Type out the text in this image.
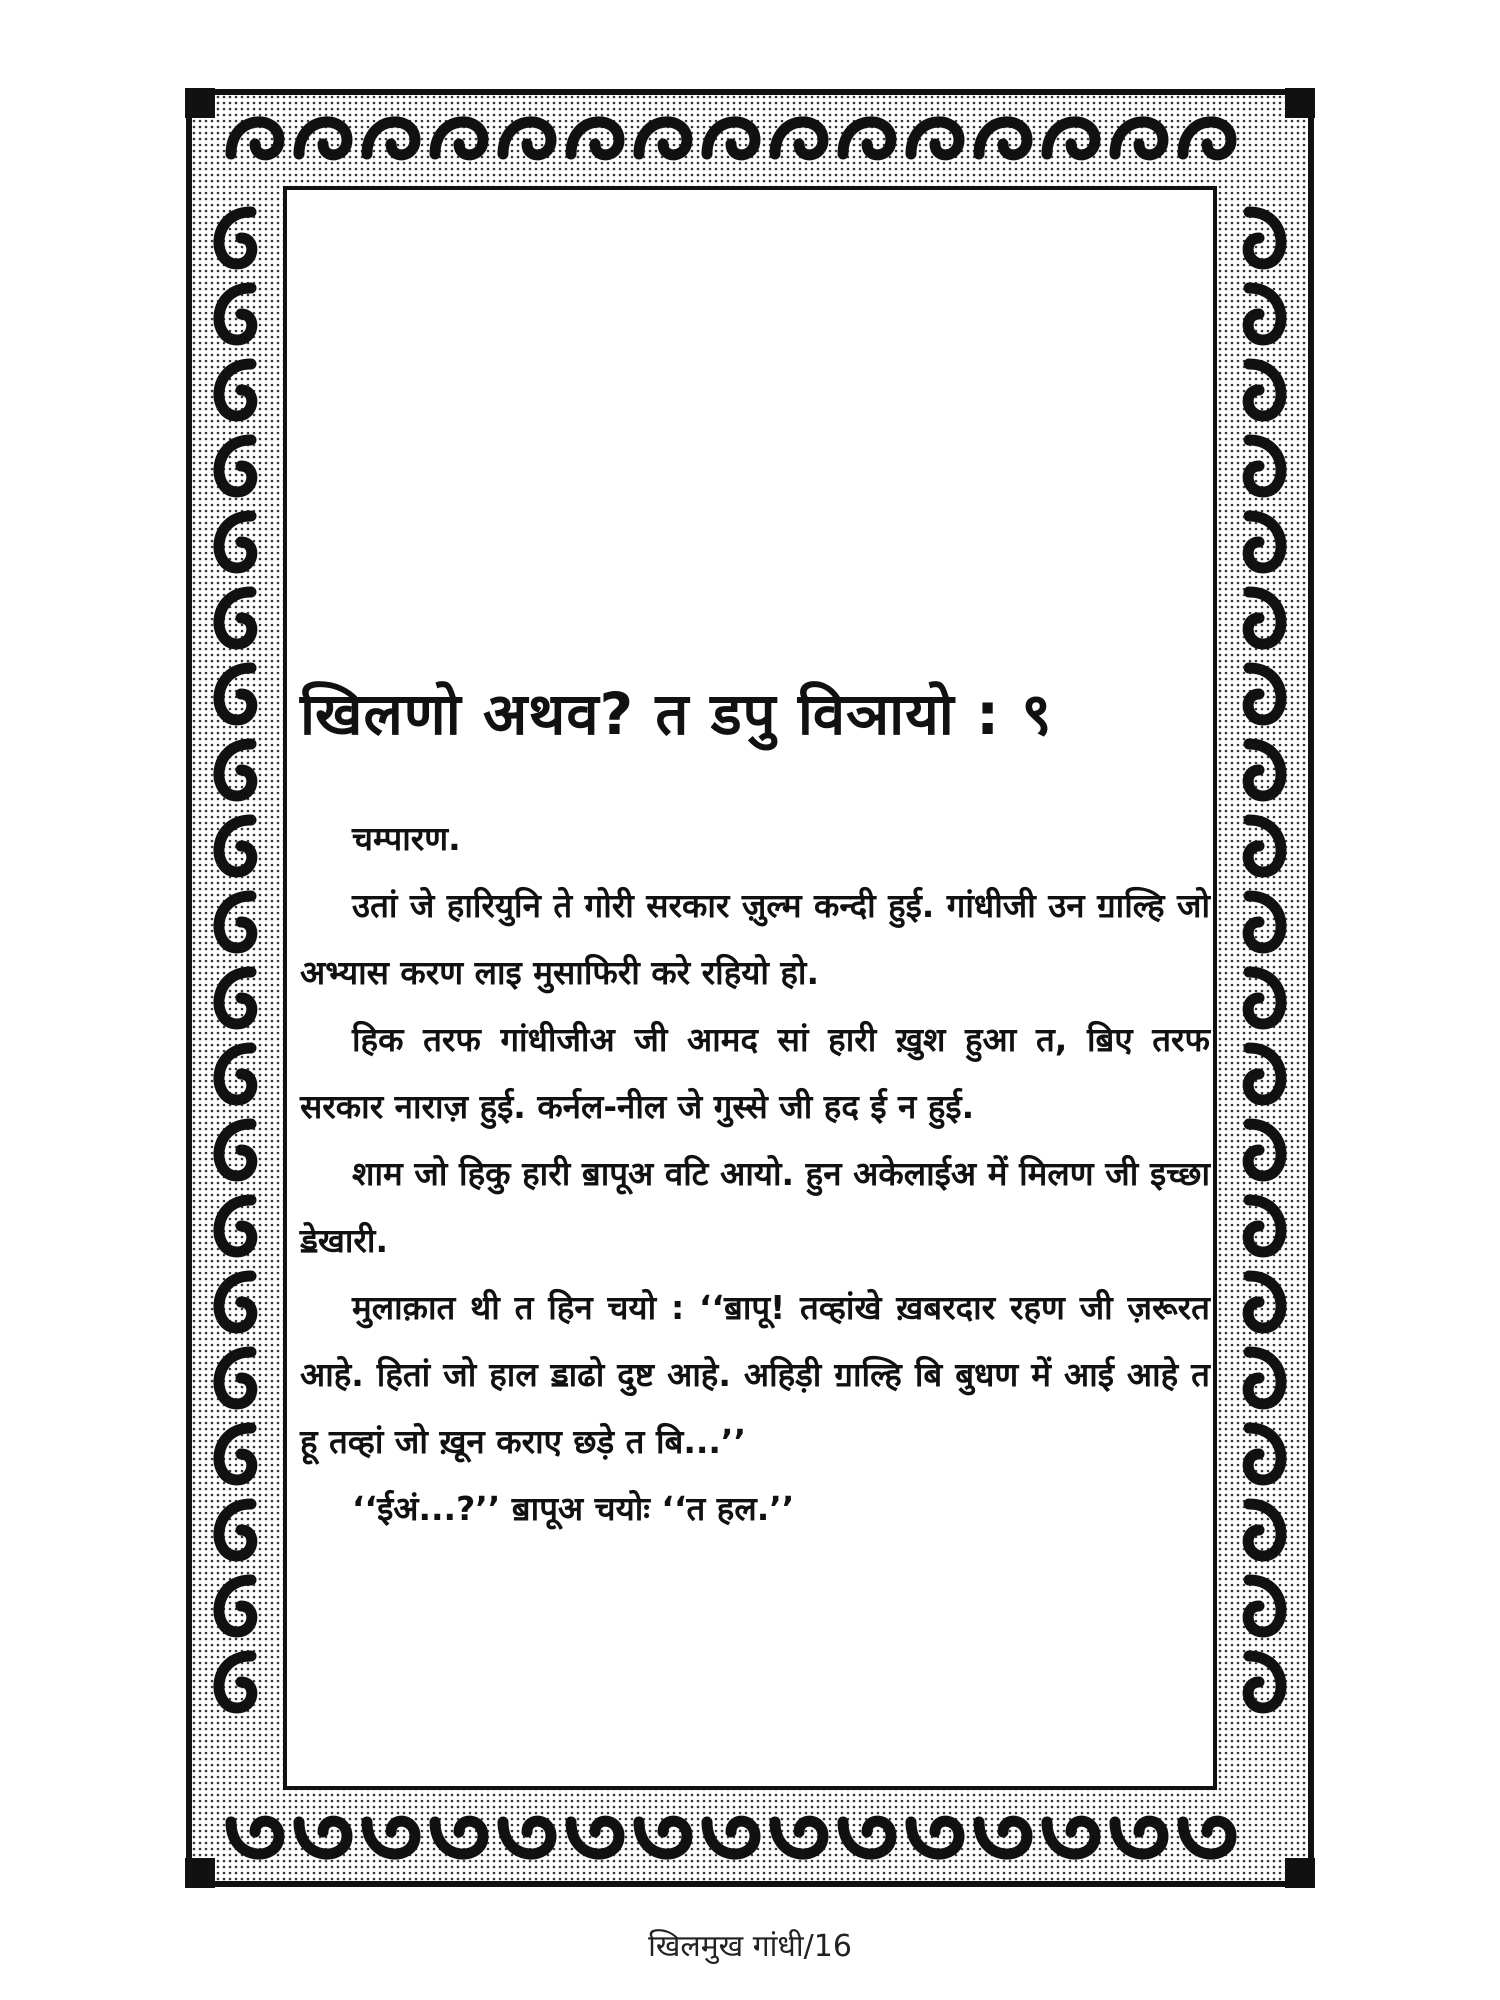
खिलणो अथव? त डपु विञायो : ९

चम्पारण.

उतां जे हारियुनि ते गोरी सरकार ज़ुल्म कन्दी हुई. गांधीजी उन ॻाल्हि जो अभ्यास करण लाइ मुसाफिरी करे रहियो हो.

हिक तरफ गांधीजीअ जी आमद सां हारी ख़ुश हुआ त, ॿिए तरफ सरकार नाराज़ हुई. कर्नल-नील जे गुस्से जी हद ई न हुई.

शाम जो हिकु हारी ॿापूअ वटि आयो. हुन अकेलाईअ में मिलण जी इच्छा ॾेखारी.

मुलाक़ात थी त हिन चयो : ‘‘ॿापू! तव्हांखे ख़बरदार रहण जी ज़रूरत आहे. हितां जो हाल ॾाढो दुष्ट आहे. अहिड़ी ॻाल्हि बि बुधण में आई आहे त हू तव्हां जो ख़ून कराए छड़े त बि...’’

‘‘ईअं...?’’ ॿापूअ चयोः ‘‘त हल.’’

खिलमुख गांधी/16
